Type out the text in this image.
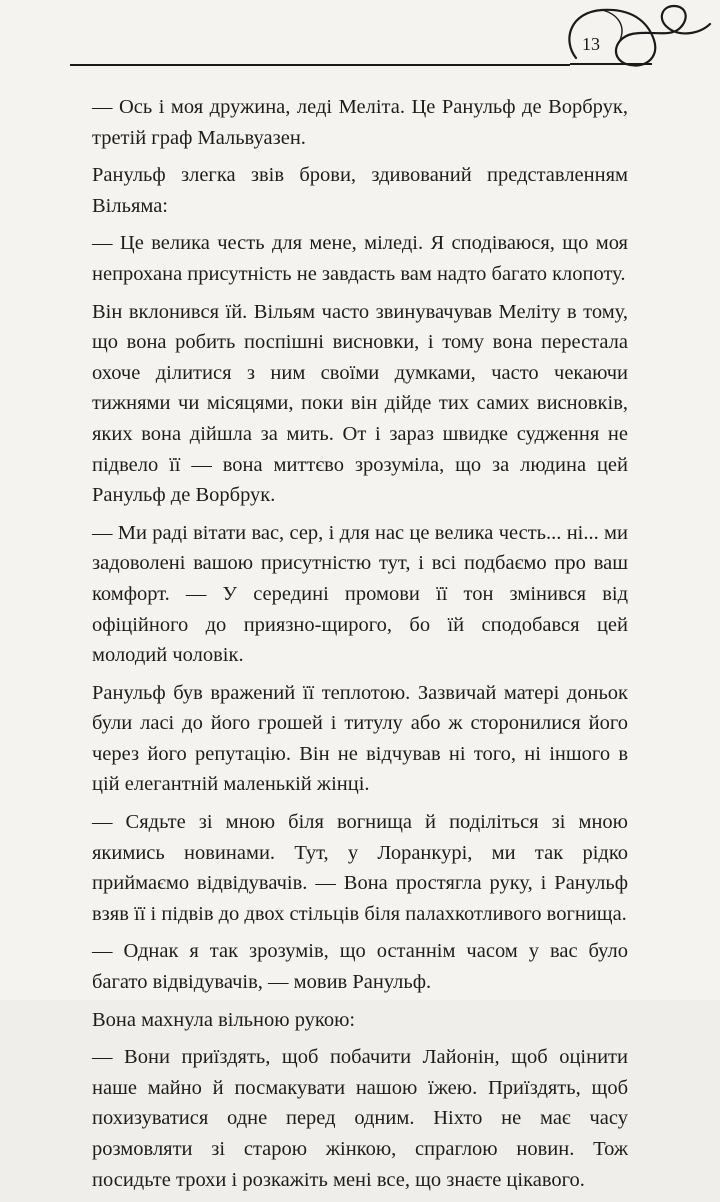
13

— Ось і моя дружина, леді Меліта. Це Ранульф де Ворбрук, третій граф Мальвуазен.

Ранульф злегка звів брови, здивований представленням Вільяма:

— Це велика честь для мене, міледі. Я сподіваюся, що моя непрохана присутність не завдасть вам надто багато клопоту.

Він вклонився їй. Вільям часто звинувачував Меліту в тому, що вона робить поспішні висновки, і тому вона перестала охоче ділитися з ним своїми думками, часто чекаючи тижнями чи місяцями, поки він дійде тих самих висновків, яких вона дійшла за мить. От і зараз швидке судження не підвело її — вона миттєво зрозуміла, що за людина цей Ранульф де Ворбрук.

— Ми раді вітати вас, сер, і для нас це велика честь... ні... ми задоволені вашою присутністю тут, і всі подбаємо про ваш комфорт. — У середині промови її тон змінився від офіційного до приязно-щирого, бо їй сподобався цей молодий чоловік.

Ранульф був вражений її теплотою. Зазвичай матері доньок були ласі до його грошей і титулу або ж сторонилися його через його репутацію. Він не відчував ні того, ні іншого в цій елегантній маленькій жінці.

— Сядьте зі мною біля вогнища й поділіться зі мною якимись новинами. Тут, у Лоранкурі, ми так рідко приймаємо відвідувачів. — Вона простягла руку, і Ранульф взяв її і підвів до двох стільців біля палахкотливого вогнища.

— Однак я так зрозумів, що останнім часом у вас було багато відвідувачів, — мовив Ранульф.

Вона махнула вільною рукою:

— Вони приїздять, щоб побачити Лайонін, щоб оцінити наше майно й посмакувати нашою їжею. Приїздять, щоб похизуватися одне перед одним. Ніхто не має часу розмовляти зі старою жінкою, спраглою новин. Тож посидьте трохи і розкажіть мені все, що знаєте цікавого.
